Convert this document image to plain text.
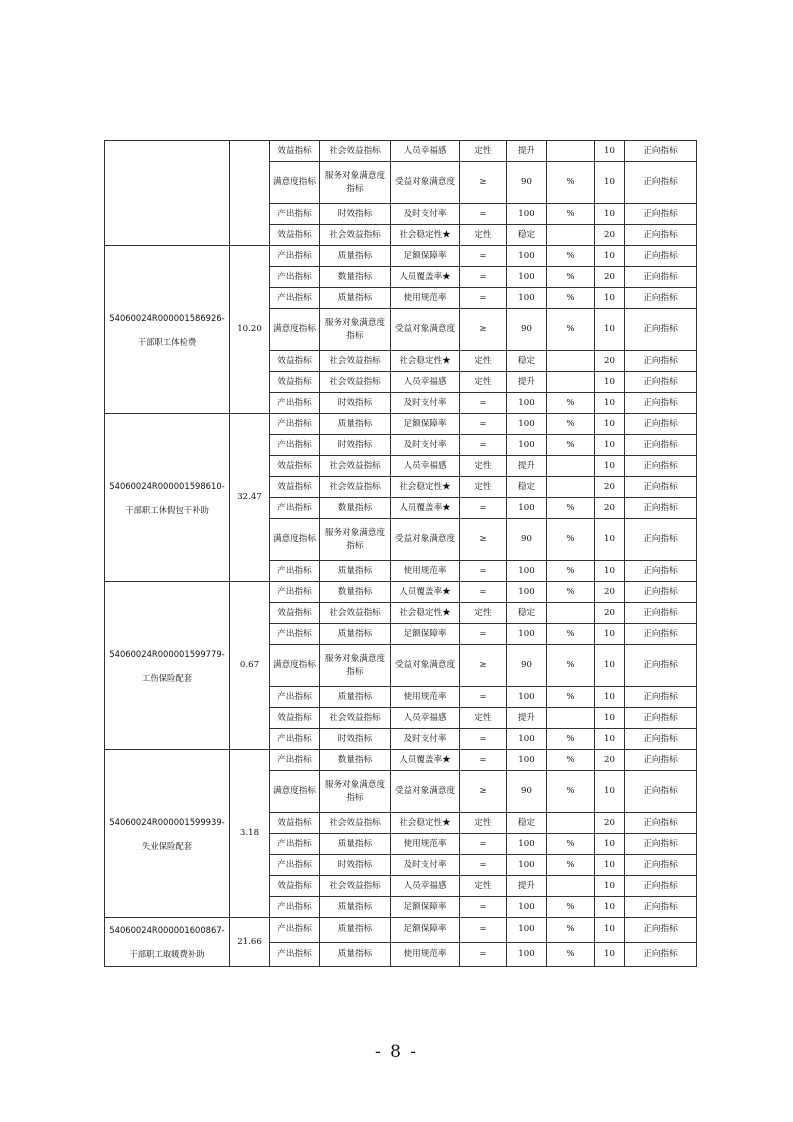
		效益指标	社会效益指标	人员幸福感	定性	提升		10	正向指标
		满意度指标	服务对象满意度指标	受益对象满意度	≥	90	%	10	正向指标
		产出指标	时效指标	及时支付率	=	100	%	10	正向指标
		效益指标	社会效益指标	社会稳定性★	定性	稳定		20	正向指标

54060024R000001586926-干部职工体检费	10.20	产出指标	质量指标	足额保障率	=	100	%	10	正向指标
		产出指标	数量指标	人员覆盖率★	=	100	%	20	正向指标
		产出指标	质量指标	使用规范率	=	100	%	10	正向指标
		满意度指标	服务对象满意度指标	受益对象满意度	≥	90	%	10	正向指标
		效益指标	社会效益指标	社会稳定性★	定性	稳定		20	正向指标
		效益指标	社会效益指标	人员幸福感	定性	提升		10	正向指标
		产出指标	时效指标	及时支付率	=	100	%	10	正向指标

54060024R000001598610-干部职工休假包干补助	32.47	产出指标	质量指标	足额保障率	=	100	%	10	正向指标
		产出指标	时效指标	及时支付率	=	100	%	10	正向指标
		效益指标	社会效益指标	人员幸福感	定性	提升		10	正向指标
		效益指标	社会效益指标	社会稳定性★	定性	稳定		20	正向指标
		产出指标	数量指标	人员覆盖率★	=	100	%	20	正向指标
		满意度指标	服务对象满意度指标	受益对象满意度	≥	90	%	10	正向指标
		产出指标	质量指标	使用规范率	=	100	%	10	正向指标

54060024R000001599779-工伤保险配套	0.67	产出指标	数量指标	人员覆盖率★	=	100	%	20	正向指标
		效益指标	社会效益指标	社会稳定性★	定性	稳定		20	正向指标
		产出指标	质量指标	足额保障率	=	100	%	10	正向指标
		满意度指标	服务对象满意度指标	受益对象满意度	≥	90	%	10	正向指标
		产出指标	质量指标	使用规范率	=	100	%	10	正向指标
		效益指标	社会效益指标	人员幸福感	定性	提升		10	正向指标
		产出指标	时效指标	及时支付率	=	100	%	10	正向指标

54060024R000001599939-失业保险配套	3.18	产出指标	数量指标	人员覆盖率★	=	100	%	20	正向指标
		满意度指标	服务对象满意度指标	受益对象满意度	≥	90	%	10	正向指标
		效益指标	社会效益指标	社会稳定性★	定性	稳定		20	正向指标
		产出指标	质量指标	使用规范率	=	100	%	10	正向指标
		产出指标	时效指标	及时支付率	=	100	%	10	正向指标
		效益指标	社会效益指标	人员幸福感	定性	提升		10	正向指标
		产出指标	质量指标	足额保障率	=	100	%	10	正向指标

54060024R000001600867-干部职工取暖费补助	21.66	产出指标	质量指标	足额保障率	=	100	%	10	正向指标
		产出指标	质量指标	使用规范率	=	100	%	10	正向指标
- 8 -
